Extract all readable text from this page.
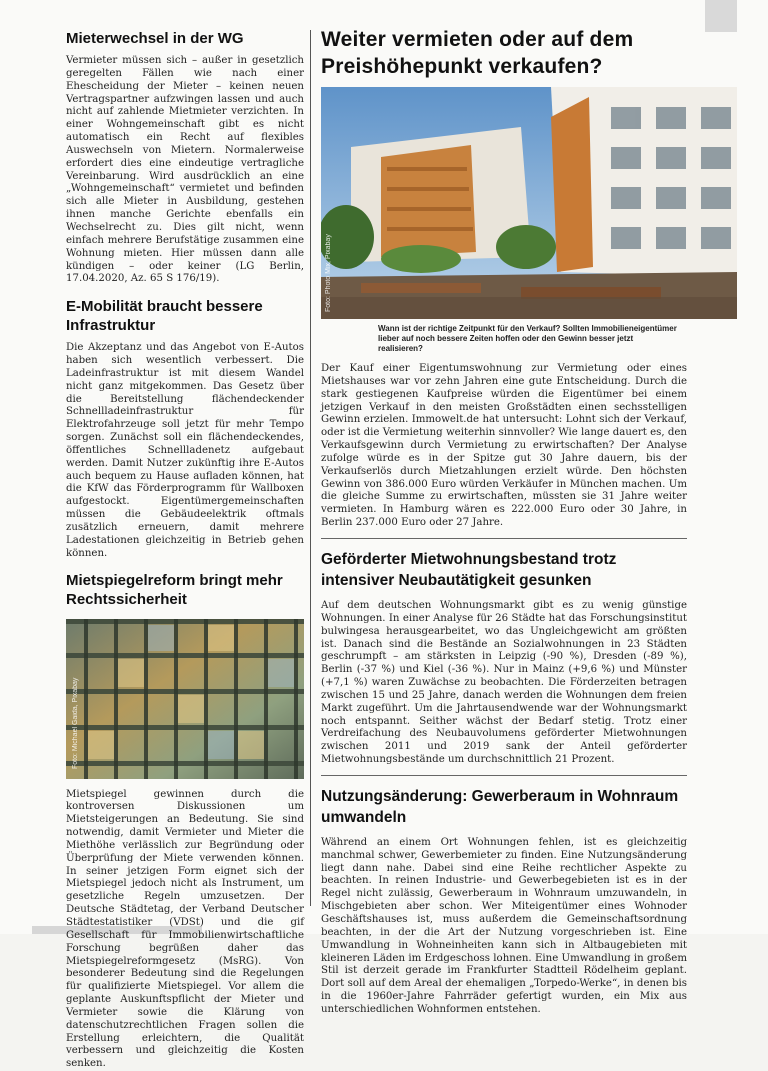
Mieterwechsel in der WG

Vermieter müssen sich – außer in gesetzlich geregelten Fällen wie nach einer Ehescheidung der Mieter – keinen neuen Vertragspartner aufzwingen lassen und auch nicht auf zahlende Mietmieter verzichten. In einer Wohngemeinschaft gibt es nicht automatisch ein Recht auf flexibles Auswechseln von Mietern. Normalerweise erfordert dies eine eindeutige vertragliche Vereinbarung. Wird ausdrücklich an eine „Wohngemeinschaft“ vermietet und befinden sich alle Mieter in Ausbildung, gestehen ihnen manche Gerichte ebenfalls ein Wechselrecht zu. Dies gilt nicht, wenn einfach mehrere Berufstätige zusammen eine Wohnung mieten. Hier müssen dann alle kündigen – oder keiner (LG Berlin, 17.04.2020, Az. 65 S 176/19).

E-Mobilität braucht bessere Infrastruktur

Die Akzeptanz und das Angebot von E-Autos haben sich wesentlich verbessert. Die Ladeinfrastruktur ist mit diesem Wandel nicht ganz mitgekommen. Das Gesetz über die Bereitstellung flächendeckender Schnellladeinfrastruktur für Elektrofahrzeuge soll jetzt für mehr Tempo sorgen. Zunächst soll ein flächendeckendes, öffentliches Schnellladenetz aufgebaut werden. Damit Nutzer zukünftig ihre E-Autos auch bequem zu Hause aufladen können, hat die KfW das Förderprogramm für Wallboxen aufgestockt. Eigentümergemeinschaften müssen die Gebäudeelektrik oftmals zusätzlich erneuern, damit mehrere Ladestationen gleichzeitig in Betrieb gehen können.

Mietspiegelreform bringt mehr Rechtssicherheit
Foto: Michael Gaida, Pixabay

Mietspiegel gewinnen durch die kontroversen Diskussionen um Mietsteigerungen an Bedeutung. Sie sind notwendig, damit Vermieter und Mieter die Miethöhe verlässlich zur Begründung oder Überprüfung der Miete verwenden können. In seiner jetzigen Form eignet sich der Mietspiegel jedoch nicht als Instrument, um gesetzliche Regeln umzusetzen. Der Deutsche Städtetag, der Verband Deutscher Städtestatistiker (VDSt) und die gif Gesellschaft für Immobilienwirtschaftliche Forschung begrüßen daher das Mietspiegelreformgesetz (MsRG). Von besonderer Bedeutung sind die Regelungen für qualifizierte Mietspiegel. Vor allem die geplante Auskunftspflicht der Mieter und Vermieter sowie die Klärung von datenschutzrechtlichen Fragen sollen die Erstellung erleichtern, die Qualität verbessern und gleichzeitig die Kosten senken.

Weiter vermieten oder auf dem Preishöhepunkt verkaufen?
Foto: Photo Mix, Pixabay
Wann ist der richtige Zeitpunkt für den Verkauf? Sollten Immobilieneigentümer lieber auf noch bessere Zeiten hoffen oder den Gewinn besser jetzt realisieren?

Der Kauf einer Eigentumswohnung zur Vermietung oder eines Mietshauses war vor zehn Jahren eine gute Entscheidung. Durch die stark gestiegenen Kaufpreise würden die Eigentümer bei einem jetzigen Verkauf in den meisten Großstädten einen sechsstelligen Gewinn erzielen. Immowelt.de hat untersucht: Lohnt sich der Verkauf, oder ist die Vermietung weiterhin sinnvoller? Wie lange dauert es, den Verkaufsgewinn durch Vermietung zu erwirtschaften? Der Analyse zufolge würde es in der Spitze gut 30 Jahre dauern, bis der Verkaufserlös durch Mietzahlungen erzielt würde. Den höchsten Gewinn von 386.000 Euro würden Verkäufer in München machen. Um die gleiche Summe zu erwirtschaften, müssten sie 31 Jahre weiter vermieten. In Hamburg wären es 222.000 Euro oder 30 Jahre, in Berlin 237.000 Euro oder 27 Jahre.

Geförderter Mietwohnungsbestand trotz intensiver Neubautätigkeit gesunken

Auf dem deutschen Wohnungsmarkt gibt es zu wenig günstige Wohnungen. In einer Analyse für 26 Städte hat das Forschungsinstitut bulwingesa herausgearbeitet, wo das Ungleichgewicht am größten ist. Danach sind die Bestände an Sozialwohnungen in 23 Städten geschrumpft – am stärksten in Leipzig (-90 %), Dresden (-89 %), Berlin (-37 %) und Kiel (-36 %). Nur in Mainz (+9,6 %) und Münster (+7,1 %) waren Zuwächse zu beobachten. Die Förderzeiten betragen zwischen 15 und 25 Jahre, danach werden die Wohnungen dem freien Markt zugeführt. Um die Jahrtausendwende war der Wohnungsmarkt noch entspannt. Seither wächst der Bedarf stetig. Trotz einer Verdreifachung des Neubauvolumens geförderter Mietwohnungen zwischen 2011 und 2019 sank der Anteil geförderter Mietwohnungsbestände um durchschnittlich 21 Prozent.

Nutzungsänderung: Gewerberaum in Wohnraum umwandeln

Während an einem Ort Wohnungen fehlen, ist es gleichzeitig manchmal schwer, Gewerbemieter zu finden. Eine Nutzungsänderung liegt dann nahe. Dabei sind eine Reihe rechtlicher Aspekte zu beachten. In reinen Industrie- und Gewerbegebieten ist es in der Regel nicht zulässig, Gewerberaum in Wohnraum umzuwandeln, in Mischgebieten aber schon. Wer Miteigentümer eines Wohnoder Geschäftshauses ist, muss außerdem die Gemeinschaftsordnung beachten, in der die Art der Nutzung vorgeschrieben ist. Eine Umwandlung in Wohneinheiten kann sich in Altbaugebieten mit kleineren Läden im Erdgeschoss lohnen. Eine Umwandlung in großem Stil ist derzeit gerade im Frankfurter Stadtteil Rödelheim geplant. Dort soll auf dem Areal der ehemaligen „Torpedo-Werke“, in denen bis in die 1960er-Jahre Fahrräder gefertigt wurden, ein Mix aus unterschiedlichen Wohnformen entstehen.
